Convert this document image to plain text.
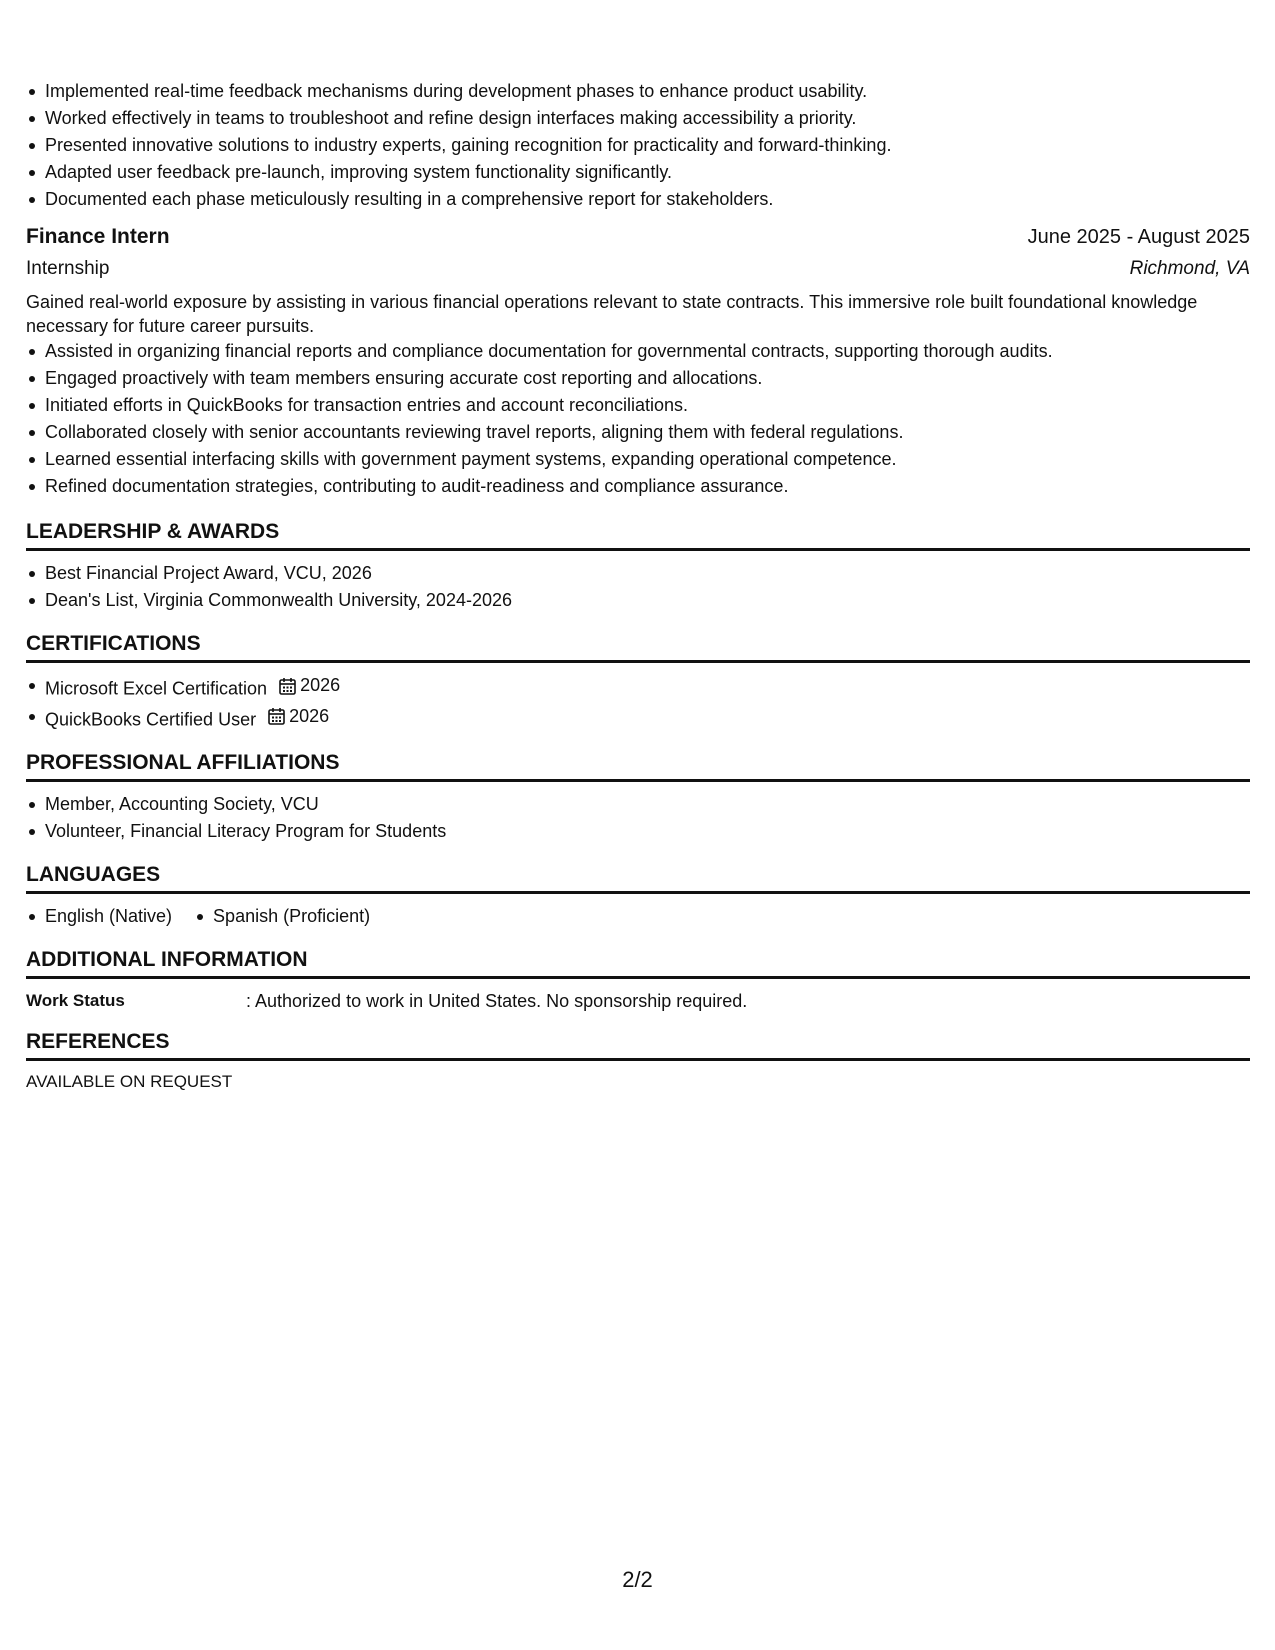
Implemented real-time feedback mechanisms during development phases to enhance product usability.
Worked effectively in teams to troubleshoot and refine design interfaces making accessibility a priority.
Presented innovative solutions to industry experts, gaining recognition for practicality and forward-thinking.
Adapted user feedback pre-launch, improving system functionality significantly.
Documented each phase meticulously resulting in a comprehensive report for stakeholders.
Finance Intern	June 2025 - August 2025
Internship	Richmond, VA

Gained real-world exposure by assisting in various financial operations relevant to state contracts. This immersive role built foundational knowledge necessary for future career pursuits.

Assisted in organizing financial reports and compliance documentation for governmental contracts, supporting thorough audits.
Engaged proactively with team members ensuring accurate cost reporting and allocations.
Initiated efforts in QuickBooks for transaction entries and account reconciliations.
Collaborated closely with senior accountants reviewing travel reports, aligning them with federal regulations.
Learned essential interfacing skills with government payment systems, expanding operational competence.
Refined documentation strategies, contributing to audit-readiness and compliance assurance.
LEADERSHIP & AWARDS
Best Financial Project Award, VCU, 2026
Dean's List, Virginia Commonwealth University, 2024-2026
CERTIFICATIONS
Microsoft Excel Certification 2026
QuickBooks Certified User 2026
PROFESSIONAL AFFILIATIONS
Member, Accounting Society, VCU
Volunteer, Financial Literacy Program for Students
LANGUAGES
English (Native)	Spanish (Proficient)
ADDITIONAL INFORMATION
Work Status	: Authorized to work in United States. No sponsorship required.
REFERENCES

AVAILABLE ON REQUEST

2/2
